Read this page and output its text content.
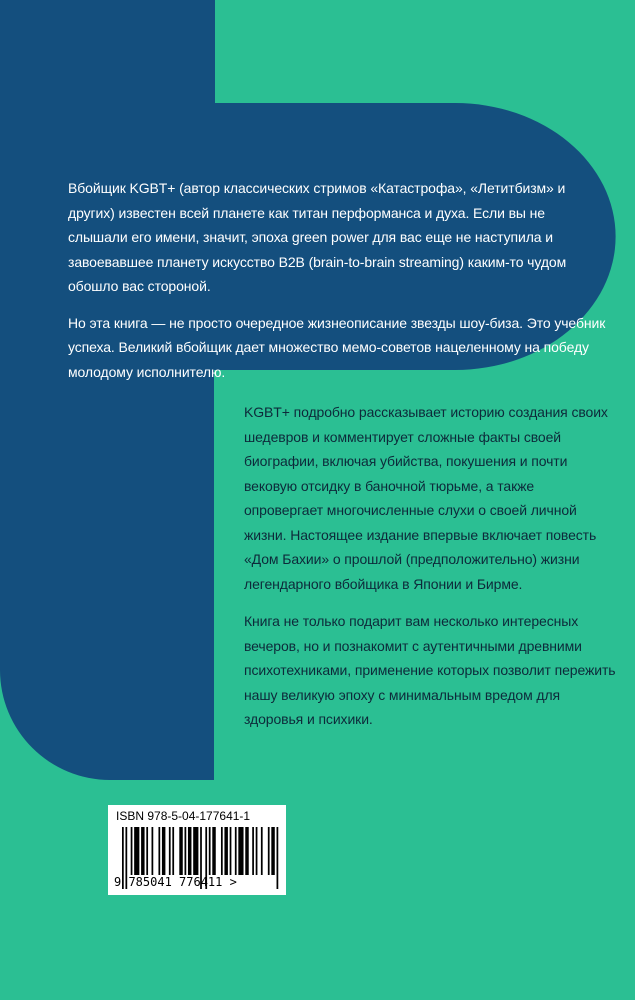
Вбойщик KGBT+ (автор классических стримов «Катастрофа», «Летитбизм» и других) известен всей планете как титан перформанса и духа. Если вы не слышали его имени, значит, эпоха green power для вас еще не наступила и завоевавшее планету искусство B2B (brain-to-brain streaming) каким-то чудом обошло вас стороной.

Но эта книга — не просто очередное жизнеописание звезды шоу-биза. Это учебник успеха. Великий вбойщик дает множество мемо-советов нацеленному на победу молодому исполнителю.

KGBT+ подробно рассказывает историю создания своих шедевров и комментирует сложные факты своей биографии, включая убийства, покушения и почти вековую отсидку в баночной тюрьме, а также опровергает многочисленные слухи о своей личной жизни. Настоящее издание впервые включает повесть «Дом Бахии» о прошлой (предположительно) жизни легендарного вбойщика в Японии и Бирме.

Книга не только подарит вам несколько интересных вечеров, но и познакомит с аутентичными древними психотехниками, применение которых позволит пережить нашу великую эпоху с минимальным вредом для здоровья и психики.

ISBN 978-5-04-177641-1
9 785041 776411 >
